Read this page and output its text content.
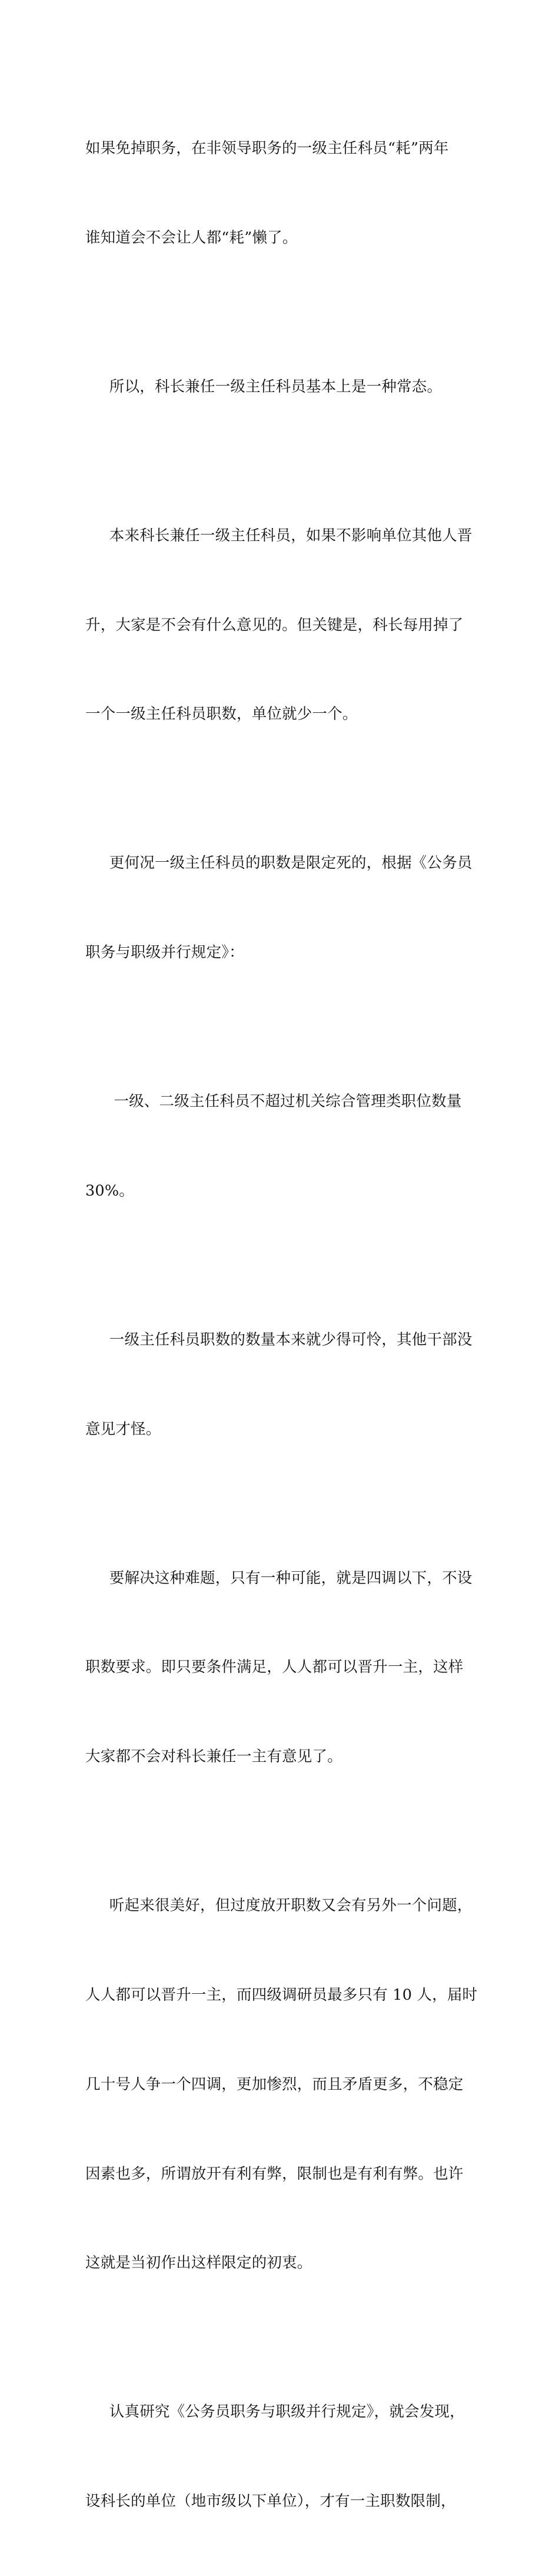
如果免掉职务，在非领导职务的一级主任科员“耗”两年

谁知道会不会让人都“耗”懒了。

所以，科长兼任一级主任科员基本上是一种常态。

本来科长兼任一级主任科员，如果不影响单位其他人晋

升，大家是不会有什么意见的。但关键是，科长每用掉了

一个一级主任科员职数，单位就少一个。

更何况一级主任科员的职数是限定死的，根据《公务员

职务与职级并行规定》：

一级、二级主任科员不超过机关综合管理类职位数量

30%。

一级主任科员职数的数量本来就少得可怜，其他干部没

意见才怪。

要解决这种难题，只有一种可能，就是四调以下，不设

职数要求。即只要条件满足，人人都可以晋升一主，这样

大家都不会对科长兼任一主有意见了。

听起来很美好，但过度放开职数又会有另外一个问题，

人人都可以晋升一主，而四级调研员最多只有 10 人，届时

几十号人争一个四调，更加惨烈，而且矛盾更多，不稳定

因素也多，所谓放开有利有弊，限制也是有利有弊。也许

这就是当初作出这样限定的初衷。

认真研究《公务员职务与职级并行规定》，就会发现，

设科长的单位（地市级以下单位），才有一主职数限制，
